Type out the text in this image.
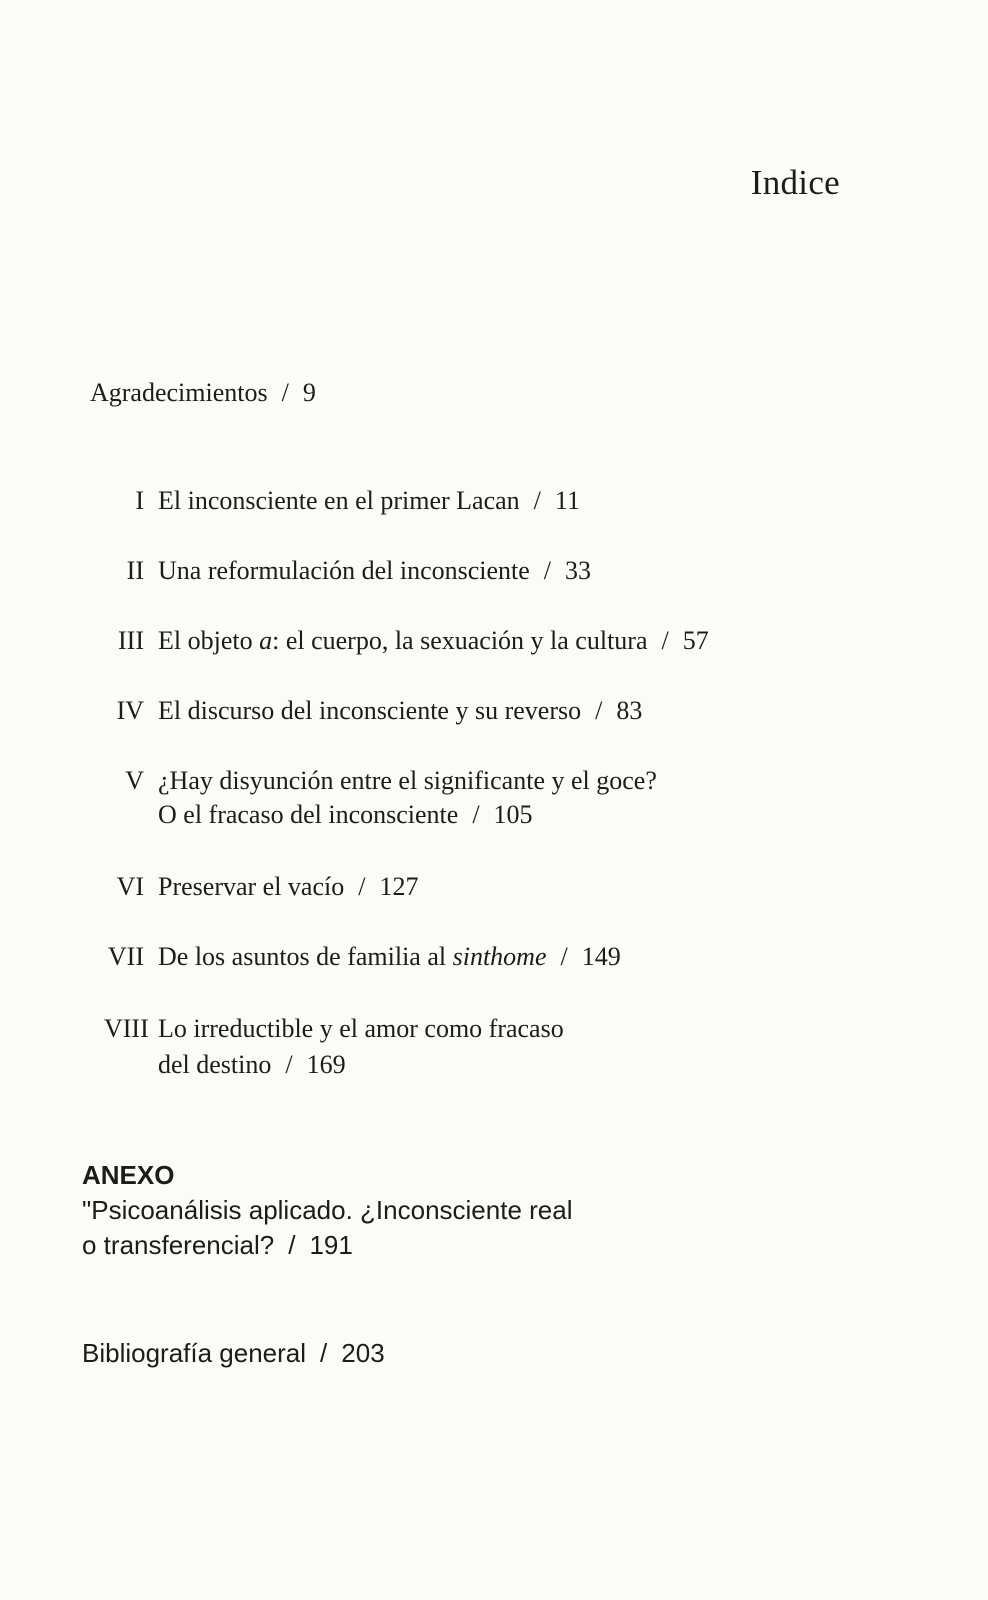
Indice
Agradecimientos / 9
I El inconsciente en el primer Lacan / 11
II Una reformulación del inconsciente / 33
III El objeto a: el cuerpo, la sexuación y la cultura / 57
IV El discurso del inconsciente y su reverso / 83
V ¿Hay disyunción entre el significante y el goce?
O el fracaso del inconsciente / 105
VI Preservar el vacío / 127
VII De los asuntos de familia al sinthome / 149
VIII Lo irreductible y el amor como fracaso
del destino / 169
ANEXO
"Psicoanálisis aplicado. ¿Inconsciente real
o transferencial? / 191
Bibliografía general / 203
